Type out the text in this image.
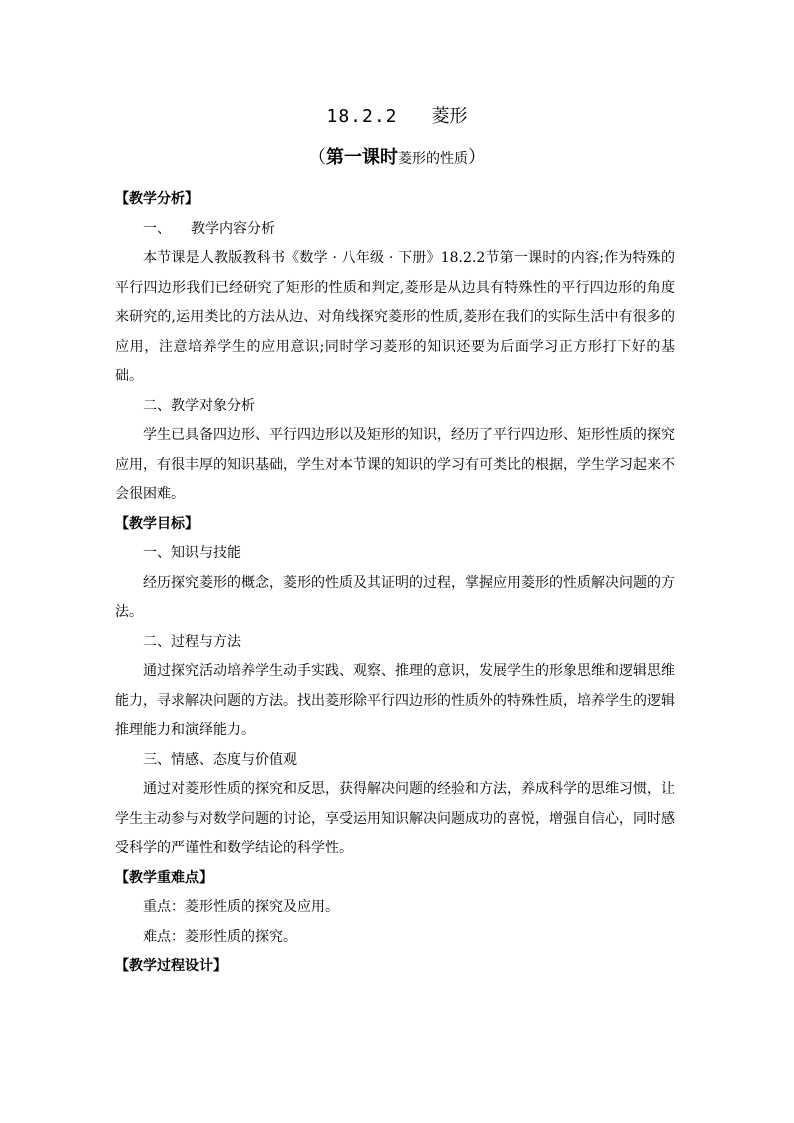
18.2.2 菱形
（第一课时菱形的性质）
【教学分析】
一、 教学内容分析
本节课是人教版教科书《数学 · 八年级 · 下册》18.2.2节第一课时的内容;作为特殊的平行四边形我们已经研究了矩形的性质和判定,菱形是从边具有特殊性的平行四边形的角度来研究的,运用类比的方法从边、对角线探究菱形的性质,菱形在我们的实际生活中有很多的应用，注意培养学生的应用意识;同时学习菱形的知识还要为后面学习正方形打下好的基础。
二、教学对象分析
学生已具备四边形、平行四边形以及矩形的知识，经历了平行四边形、矩形性质的探究应用，有很丰厚的知识基础，学生对本节课的知识的学习有可类比的根据，学生学习起来不会很困难。
【教学目标】
一、知识与技能
经历探究菱形的概念，菱形的性质及其证明的过程，掌握应用菱形的性质解决问题的方法。
二、过程与方法
通过探究活动培养学生动手实践、观察、推理的意识，发展学生的形象思维和逻辑思维能力，寻求解决问题的方法。找出菱形除平行四边形的性质外的特殊性质，培养学生的逻辑推理能力和演绎能力。
三、情感、态度与价值观
通过对菱形性质的探究和反思，获得解决问题的经验和方法，养成科学的思维习惯，让学生主动参与对数学问题的讨论，享受运用知识解决问题成功的喜悦，增强自信心，同时感受科学的严谨性和数学结论的科学性。
【教学重难点】
重点：菱形性质的探究及应用。
难点：菱形性质的探究。
【教学过程设计】
